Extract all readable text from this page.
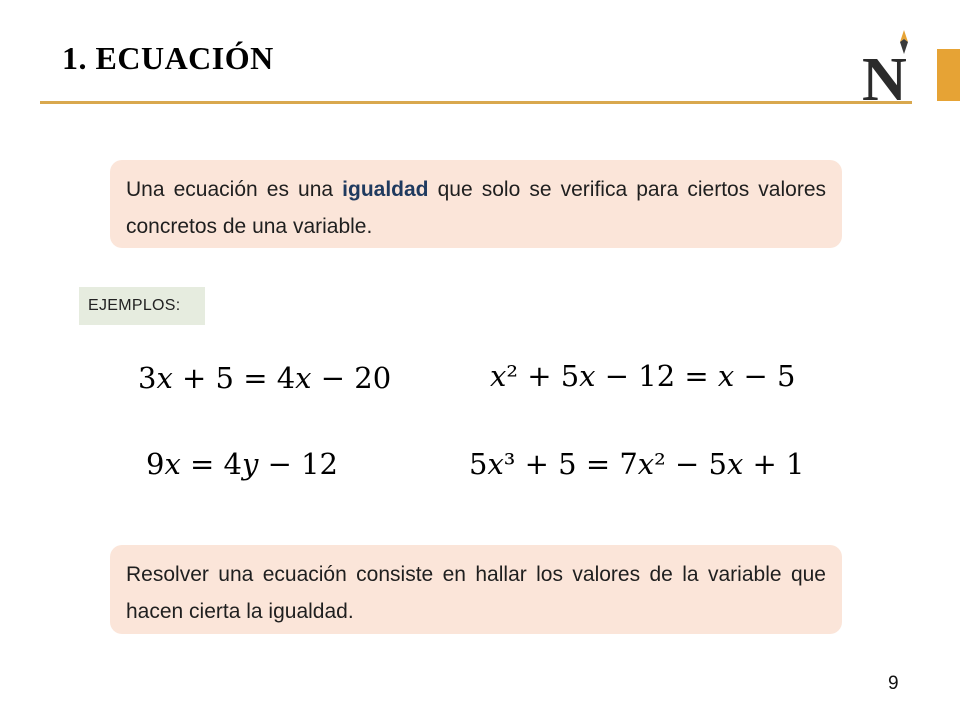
1. ECUACIÓN	N
Una ecuación es una igualdad que solo se verifica para ciertos valores concretos de una variable.
EJEMPLOS:
3𝑥 + 5 = 4𝑥 − 20	𝑥² + 5𝑥 − 12 = 𝑥 − 5
9𝑥 = 4𝑦 − 12	5𝑥³ + 5 = 7𝑥² − 5𝑥 + 1
Resolver una ecuación consiste en hallar los valores de la variable que hacen cierta la igualdad.
9
